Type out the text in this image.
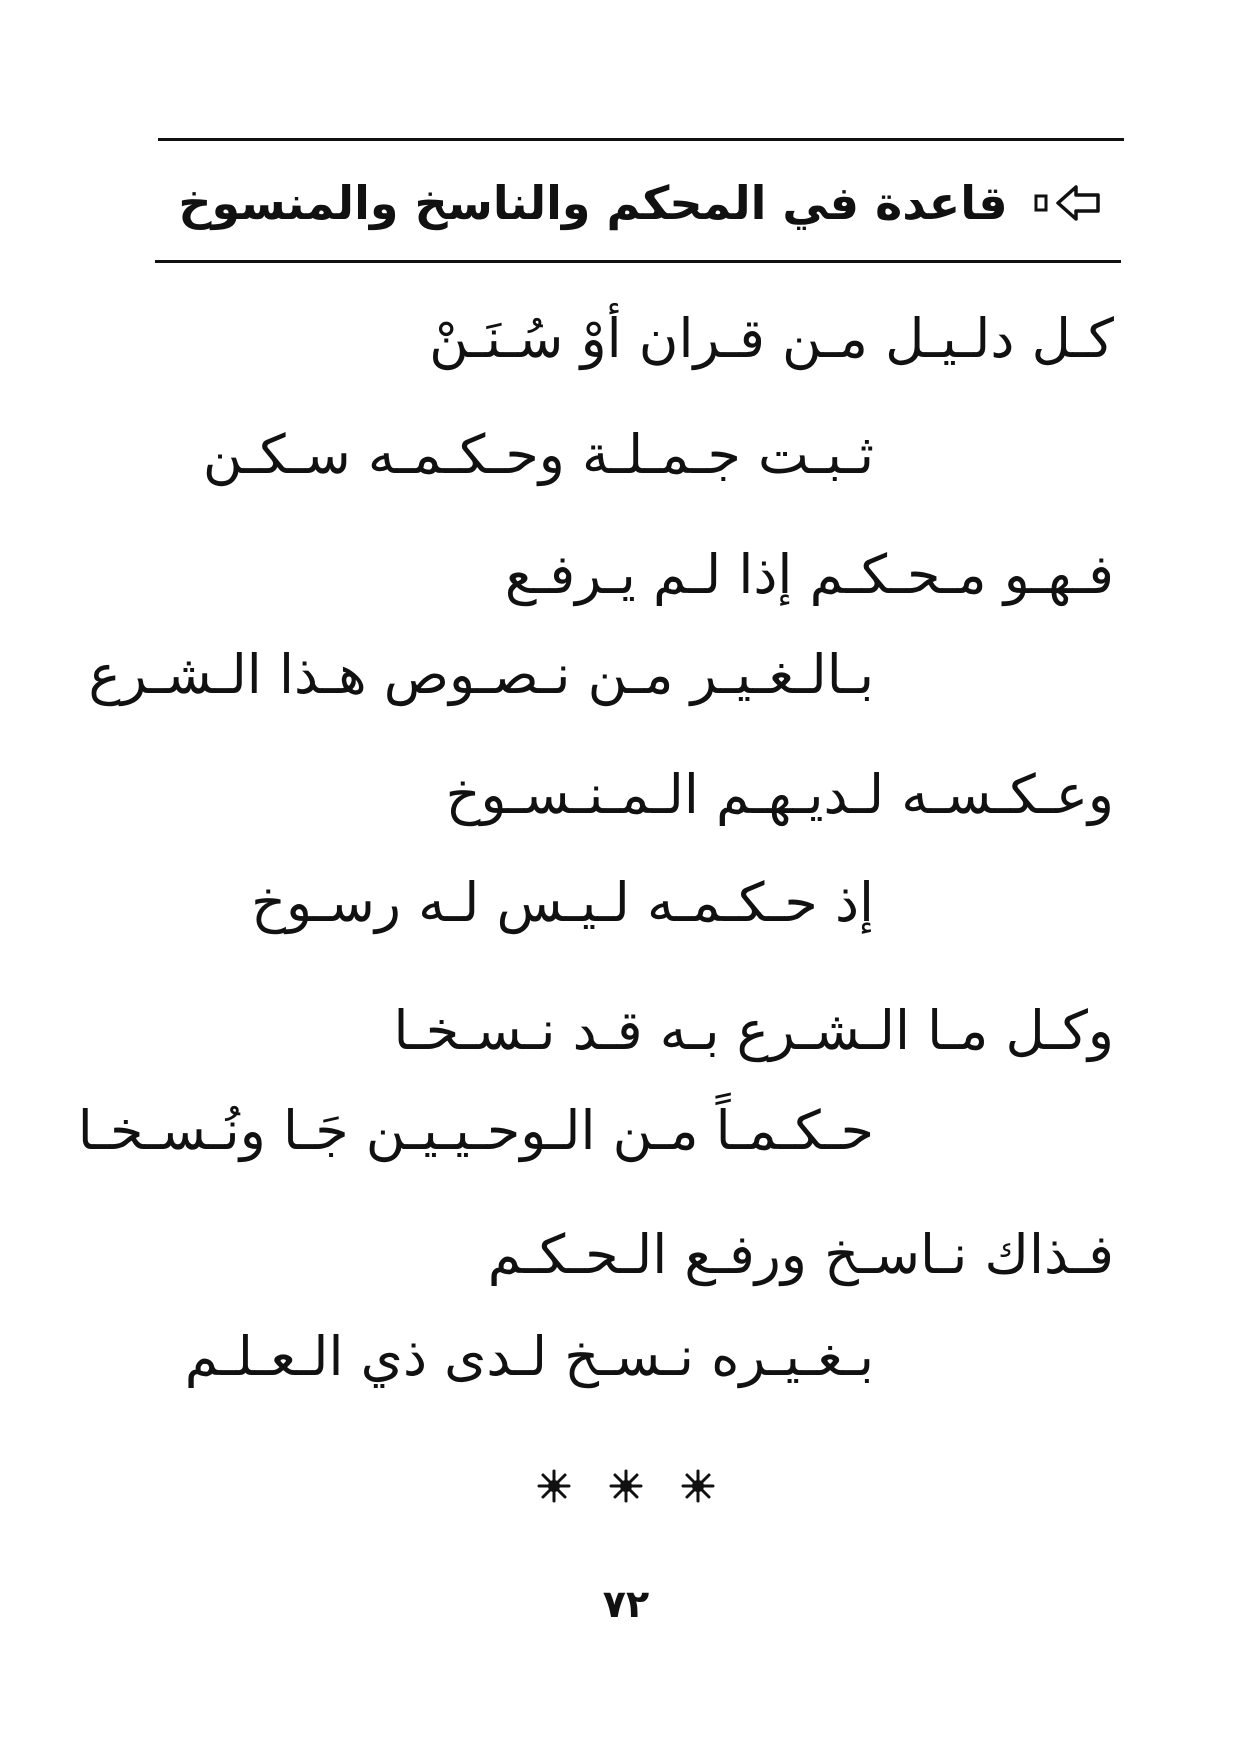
قاعدة في المحكم والناسخ والمنسوخ
كـل دلـيـل مـن قـران أوْ سُـنَـنْ
ثـبـت جـمـلـة وحـكـمـه سـكـن
فـهـو مـحـكـم إذا لـم يـرفـع
بـالـغـيـر مـن نـصـوص هـذا الـشـرع
وعـكـسـه لـديـهـم الـمـنـسـوخ
إذ حـكـمـه لـيـس لـه رسـوخ
وكـل مـا الـشـرع بـه قـد نـسـخـا
حـكـمـاً مـن الـوحـيـيـن جَـا ونُـسـخـا
فـذاك نـاسـخ ورفـع الـحـكـم
بـغـيـره نـسـخ لـدى ذي الـعـلـم
٧٢
